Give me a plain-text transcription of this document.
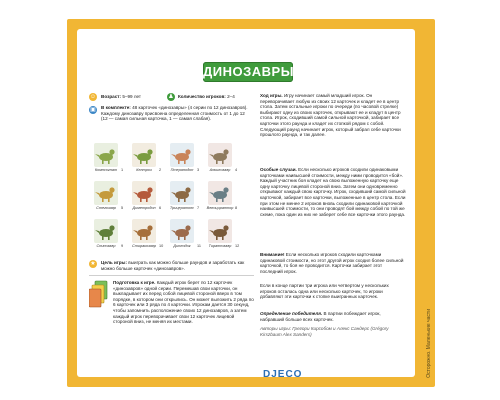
ДИНОЗАВРЫ
☺ Возраст: 5–99 лет	♟ Количество игроков: 2–4

▣ В комплекте: 48 карточек «динозавры» (4 серии по 12 динозавров). Каждому динозавру присвоена определенная стоимость от 1 до 12 (12 — самая сильная карточка, 1 — самая слабая).

Компсогнат	1	Келтроз	2	Птеранодон 3	Анкилозавр	4
Стегозавр	5	Диметродон 6	Трицератопс 7	Велоцираптор 8
Спинозавр	9	Стиракозавр 10	Диплодок	11	Тираннозавр 12
★ Цель игры: выиграть как можно больше раундов и заработать как можно больше карточек «динозавров».

Подготовка к игре. Каждый игрок берет по 12 карточек «динозавров» одной серии. Перемешав свои карточки, он выкладывает их перед собой лицевой стороной вверх в том порядке, в котором они открылись. Он может выложить 2 ряда по 6 карточек или 3 ряда по 4 карточки. Игрокам дается 30 секунд, чтобы запомнить расположение своих 12 динозавров, а затем каждый игрок переворачивает свои 12 карточек лицевой стороной вниз, не меняя их местами.

Ход игры. Игру начинает самый младший игрок. Он переворачивает любую из своих 12 карточек и кладет ее в центр стола. Затем остальные игроки по очереди (по часовой стрелке) выбирают одну из своих карточек, открывают ее и кладут в центр стола. Игрок, сходивший самой сильной карточкой, забирает все карточки этого раунда и кладет их стопкой рядом с собой. Следующий раунд начинает игрок, который забрал себе карточки прошлого раунда, и так далее.

Особые случаи. Если несколько игроков сходили одинаковыми карточками наивысшей стоимости, между ними проводится «бой». Каждый участник боя кладет на свою выложенную карточку еще одну карточку лицевой стороной вниз. Затем они одновременно открывают каждый свою карточку. Игрок, сходивший самой сильной карточкой, забирает все карточки, выложенные в центр стола. Если при этом не менее 2 игроков вновь сходили одинаковой карточкой наивысшей стоимости, то они проводят бой между собой по той же схеме, пока один из них не заберет себе все карточки этого раунда.

Внимание! Если несколько игроков сходили карточками одинаковой стоимости, но этот другой игрок сходил более сильной карточкой, то боя не проводится. Карточки забирает этот последний игрок.

Если в конце партии три игрока или четвертом у нескольких игроков осталась одна или несколько карточек, то игроки добавляют эти карточки к стопке выигранных карточек.

Определение победителя. В партии побеждает игрок, набравший больше всех карточек.

Авторы игры: Грегори Кирсобом и Алекс Сандерс (Grégory Kirszbaum Alex Sanders)

DJECO	Осторожно. Маленькие части
